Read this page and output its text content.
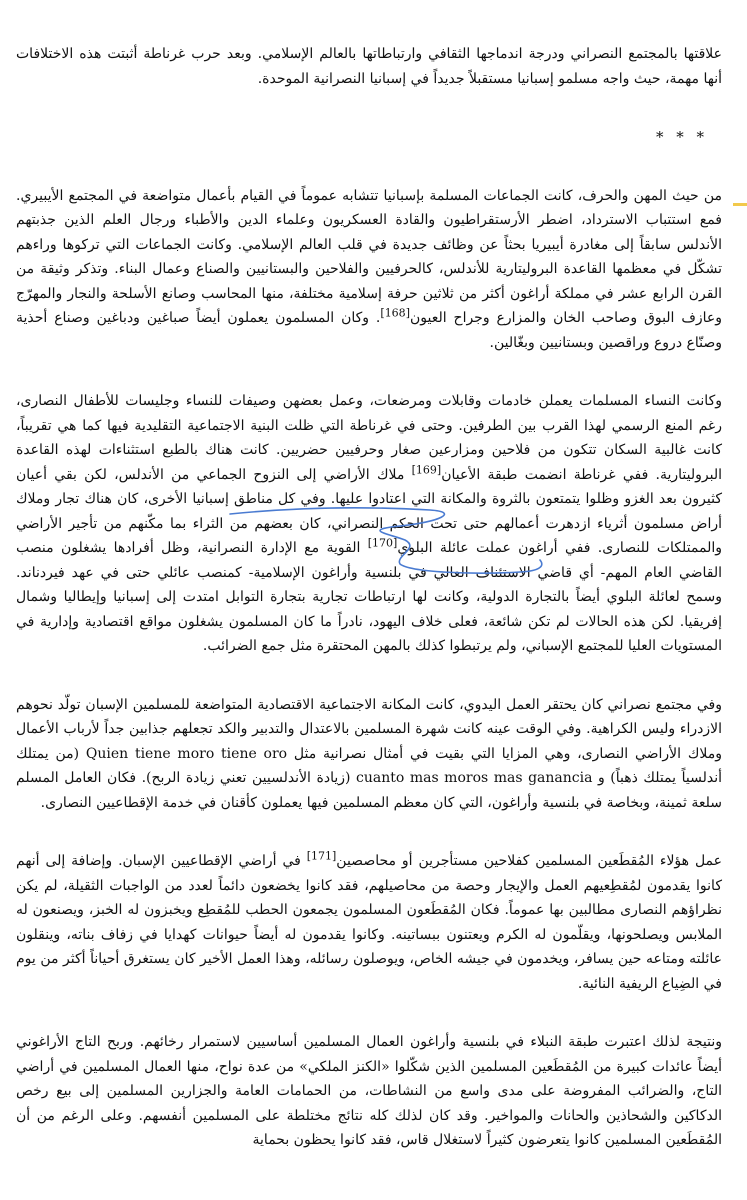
علاقتها بالمجتمع النصراني ودرجة اندماجها الثقافي وارتباطاتها بالعالم الإسلامي. وبعد حرب غرناطة أثبتت هذه الاختلافات أنها مهمة، حيث واجه مسلمو إسبانيا مستقبلاً جديداً في إسبانيا النصرانية الموحدة.

* * *

من حيث المهن والحرف، كانت الجماعات المسلمة بإسبانيا تتشابه عموماً في القيام بأعمال متواضعة في المجتمع الأيبيري. فمع استتباب الاسترداد، اضطر الأرستقراطيون والقادة العسكريون وعلماء الدين والأطباء ورجال العلم الذين جذبتهم الأندلس سابقاً إلى مغادرة أيبيريا بحثاً عن وظائف جديدة في قلب العالم الإسلامي. وكانت الجماعات التي تركوها وراءهم تشكّل في معظمها القاعدة البروليتارية للأندلس، كالحرفيين والفلاحين والبستانيين والصناع وعمال البناء. وتذكر وثيقة من القرن الرابع عشر في مملكة أراغون أكثر من ثلاثين حرفة إسلامية مختلفة، منها المحاسب وصانع الأسلحة والنجار والمهرّج وعازف البوق وصاحب الخان والمزارع وجراح العيون[168]. وكان المسلمون يعملون أيضاً صباغين ودباغين وصناع أحذية وصنّاع دروع وراقصين وبستانيين وبغّالين.

وكانت النساء المسلمات يعملن خادمات وقابلات ومرضعات، وعمل بعضهن وصيفات للنساء وجليسات للأطفال النصارى، رغم المنع الرسمي لهذا القرب بين الطرفين. وحتى في غرناطة التي ظلت البنية الاجتماعية التقليدية فيها كما هي تقريباً، كانت غالبية السكان تتكون من فلاحين ومزارعين صغار وحرفيين حضريين. كانت هناك بالطبع استثناءات لهذه القاعدة البروليتارية. ففي غرناطة انضمت طبقة الأعيان[169] ملاك الأراضي إلى النزوح الجماعي من الأندلس، لكن بقي أعيان كثيرون بعد الغزو وظلوا يتمتعون بالثروة والمكانة التي اعتادوا عليها. وفي كل مناطق إسبانيا الأخرى، كان هناك تجار وملاك أراض مسلمون أثرياء ازدهرت أعمالهم حتى تحت الحكم النصراني، كان بعضهم من الثراء بما مكّنهم من تأجير الأراضي والممتلكات للنصارى. ففي أراغون عملت عائلة البلوي[170] القوية مع الإدارة النصرانية، وظل أفرادها يشغلون منصب القاضي العام المهم- أي قاضي الاستئناف العالي في بلنسية وأراغون الإسلامية- كمنصب عائلي حتى في عهد فيردناند. وسمح لعائلة البلوي أيضاً بالتجارة الدولية، وكانت لها ارتباطات تجارية بتجارة التوابل امتدت إلى إسبانيا وإيطاليا وشمال إفريقيا. لكن هذه الحالات لم تكن شائعة، فعلى خلاف اليهود، نادراً ما كان المسلمون يشغلون مواقع اقتصادية وإدارية في المستويات العليا للمجتمع الإسباني، ولم يرتبطوا كذلك بالمهن المحتقرة مثل جمع الضرائب.

وفي مجتمع نصراني كان يحتقر العمل اليدوي، كانت المكانة الاجتماعية الاقتصادية المتواضعة للمسلمين الإسبان تولّد نحوهم الازدراء وليس الكراهية. وفي الوقت عينه كانت شهرة المسلمين بالاعتدال والتدبير والكد تجعلهم جذابين جداً لأرباب الأعمال وملاك الأراضي النصارى، وهي المزايا التي بقيت في أمثال نصرانية مثل Quien tiene moro tiene oro (من يمتلك أندلسياً يمتلك ذهباً) و cuanto mas moros mas ganancia (زيادة الأندلسيين تعني زيادة الربح). فكان العامل المسلم سلعة ثمينة، وبخاصة في بلنسية وأراغون، التي كان معظم المسلمين فيها يعملون كأقنان في خدمة الإقطاعيين النصارى.

عمل هؤلاء المُقطَعين المسلمين كفلاحين مستأجرين أو محاصصين[171] في أراضي الإقطاعيين الإسبان. وإضافة إلى أنهم كانوا يقدمون لمُقطِعيهم العمل والإيجار وحصة من محاصيلهم، فقد كانوا يخضعون دائماً لعدد من الواجبات الثقيلة، لم يكن نظراؤهم النصارى مطالبين بها عموماً. فكان المُقطَعون المسلمون يجمعون الحطب للمُقطِع ويخبزون له الخبز، ويصنعون له الملابس ويصلحونها، ويقلّمون له الكرم ويعتنون ببساتينه. وكانوا يقدمون له أيضاً حيوانات كهدايا في زفاف بناته، وينقلون عائلته ومتاعه حين يسافر، ويخدمون في جيشه الخاص، ويوصلون رسائله، وهذا العمل الأخير كان يستغرق أحياناً أكثر من يوم في الضِياع الريفية النائية.

ونتيجة لذلك اعتبرت طبقة النبلاء في بلنسية وأراغون العمال المسلمين أساسيين لاستمرار رخائهم. وربح التاج الأراغوني أيضاً عائدات كبيرة من المُقطَعين المسلمين الذين شكّلوا «الكنز الملكي» من عدة نواح، منها العمال المسلمين في أراضي التاج، والضرائب المفروضة على مدى واسع من النشاطات، من الحمامات العامة والجزارين المسلمين إلى بيع رخص الدكاكين والشحاذين والحانات والمواخير. وقد كان لذلك كله نتائج مختلطة على المسلمين أنفسهم. وعلى الرغم من أن المُقطَعين المسلمين كانوا يتعرضون كثيراً لاستغلال قاس، فقد كانوا يحظون بحماية
